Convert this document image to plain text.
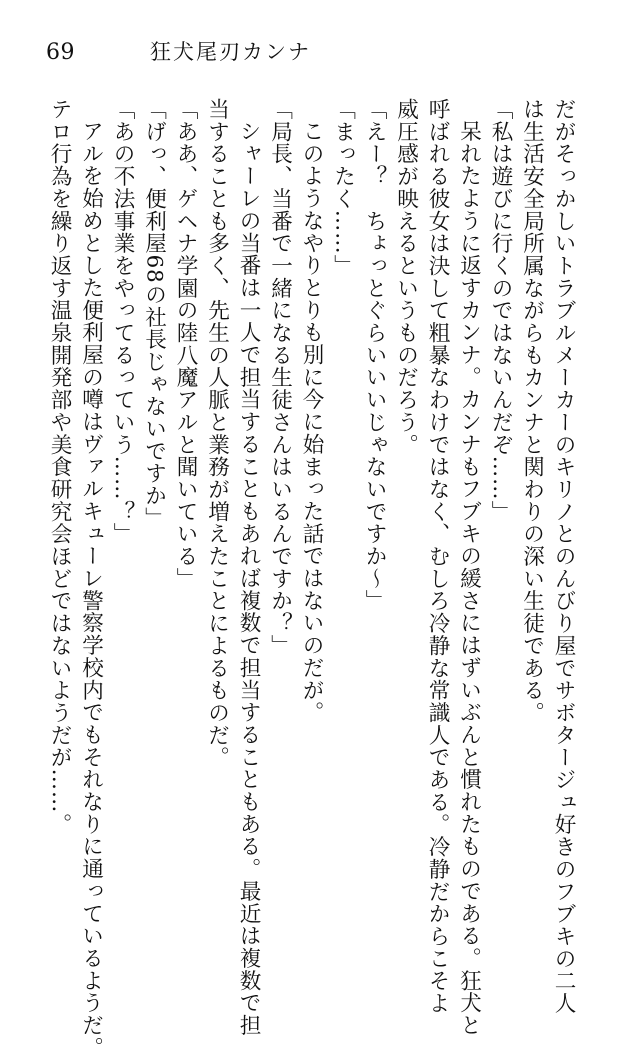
69	狂犬尾刃カンナ
だがそっかしいトラブルメーカーのキリノとのんびり屋でサボタージュ好きのフブキの二人
は生活安全局所属ながらもカンナと関わりの深い生徒である。
「私は遊びに行くのではないんだぞ……」
呆れたように返すカンナ。カンナもフブキの緩さにはずいぶんと慣れたものである。狂犬と
呼ばれる彼女は決して粗暴なわけではなく、むしろ冷静な常識人である。冷静だからこそよ
威圧感が映えるというものだろう。
「えー？　ちょっとぐらいいいじゃないですか～」
「まったく……」
このようなやりとりも別に今に始まった話ではないのだが。
「局長、当番で一緒になる生徒さんはいるんですか？」
シャーレの当番は一人で担当することもあれば複数で担当することもある。最近は複数で担
当することも多く、先生の人脈と業務が増えたことによるものだ。
「ああ、ゲヘナ学園の陸八魔アルと聞いている」
「げっ、便利屋68の社長じゃないですか」
「あの不法事業をやってるっていう……？」
アルを始めとした便利屋の噂はヴァルキューレ警察学校内でもそれなりに通っているようだ。
テロ行為を繰り返す温泉開発部や美食研究会ほどではないようだが……。
